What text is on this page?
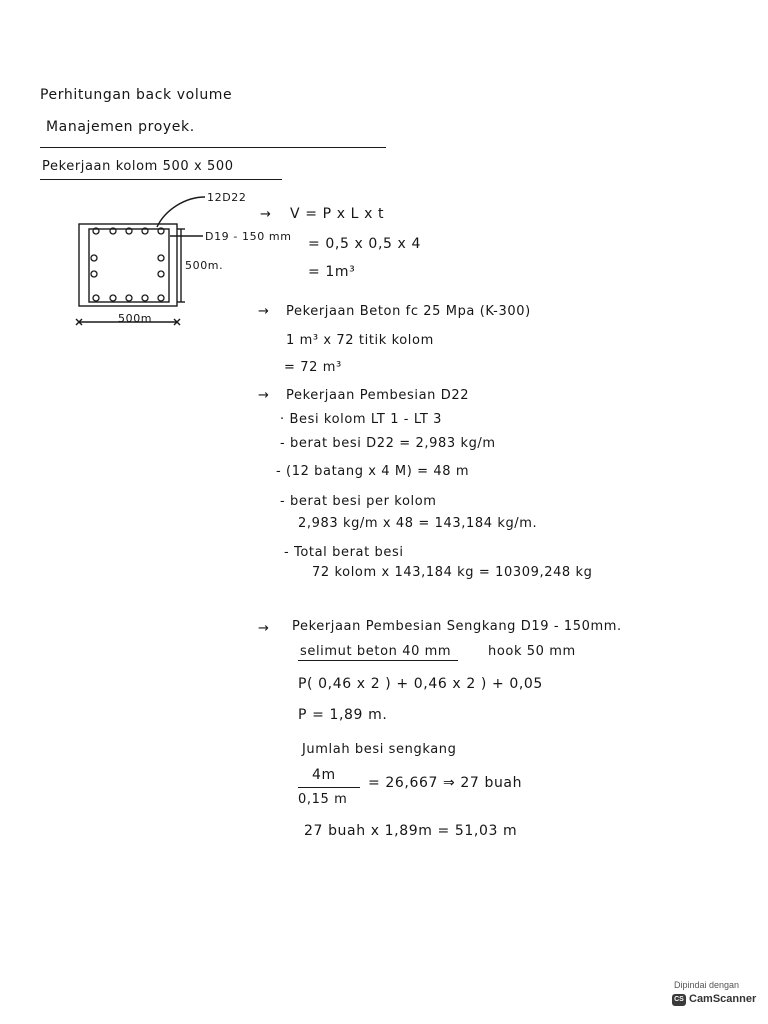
Perhitungan back volume
Manajemen proyek.
Pekerjaan kolom 500 x 500
12D22
D19 - 150 mm
500m.
500m
→ V = P x L x t
= 0,5 x 0,5 x 4
= 1m³
→ Pekerjaan Beton fc 25 Mpa (K-300)
1 m³ x 72 titik kolom
= 72 m³
→ Pekerjaan Pembesian D22
· Besi kolom LT 1 - LT 3
- berat besi D22 = 2,983 kg/m
- (12 batang x 4 M) = 48 m
- berat besi per kolom
2,983 kg/m x 48 = 143,184 kg/m.
- Total berat besi
72 kolom x 143,184 kg = 10309,248 kg
→ Pekerjaan Pembesian Sengkang D19 - 150mm.
selimut beton 40 mm	hook 50 mm
P( 0,46 x 2 ) + 0,46 x 2 ) + 0,05
P = 1,89 m.
Jumlah besi sengkang
4m
0,15 m
= 26,667 ⇒ 27 buah
27 buah x 1,89m = 51,03 m
Dipindai dengan
CS CamScanner
